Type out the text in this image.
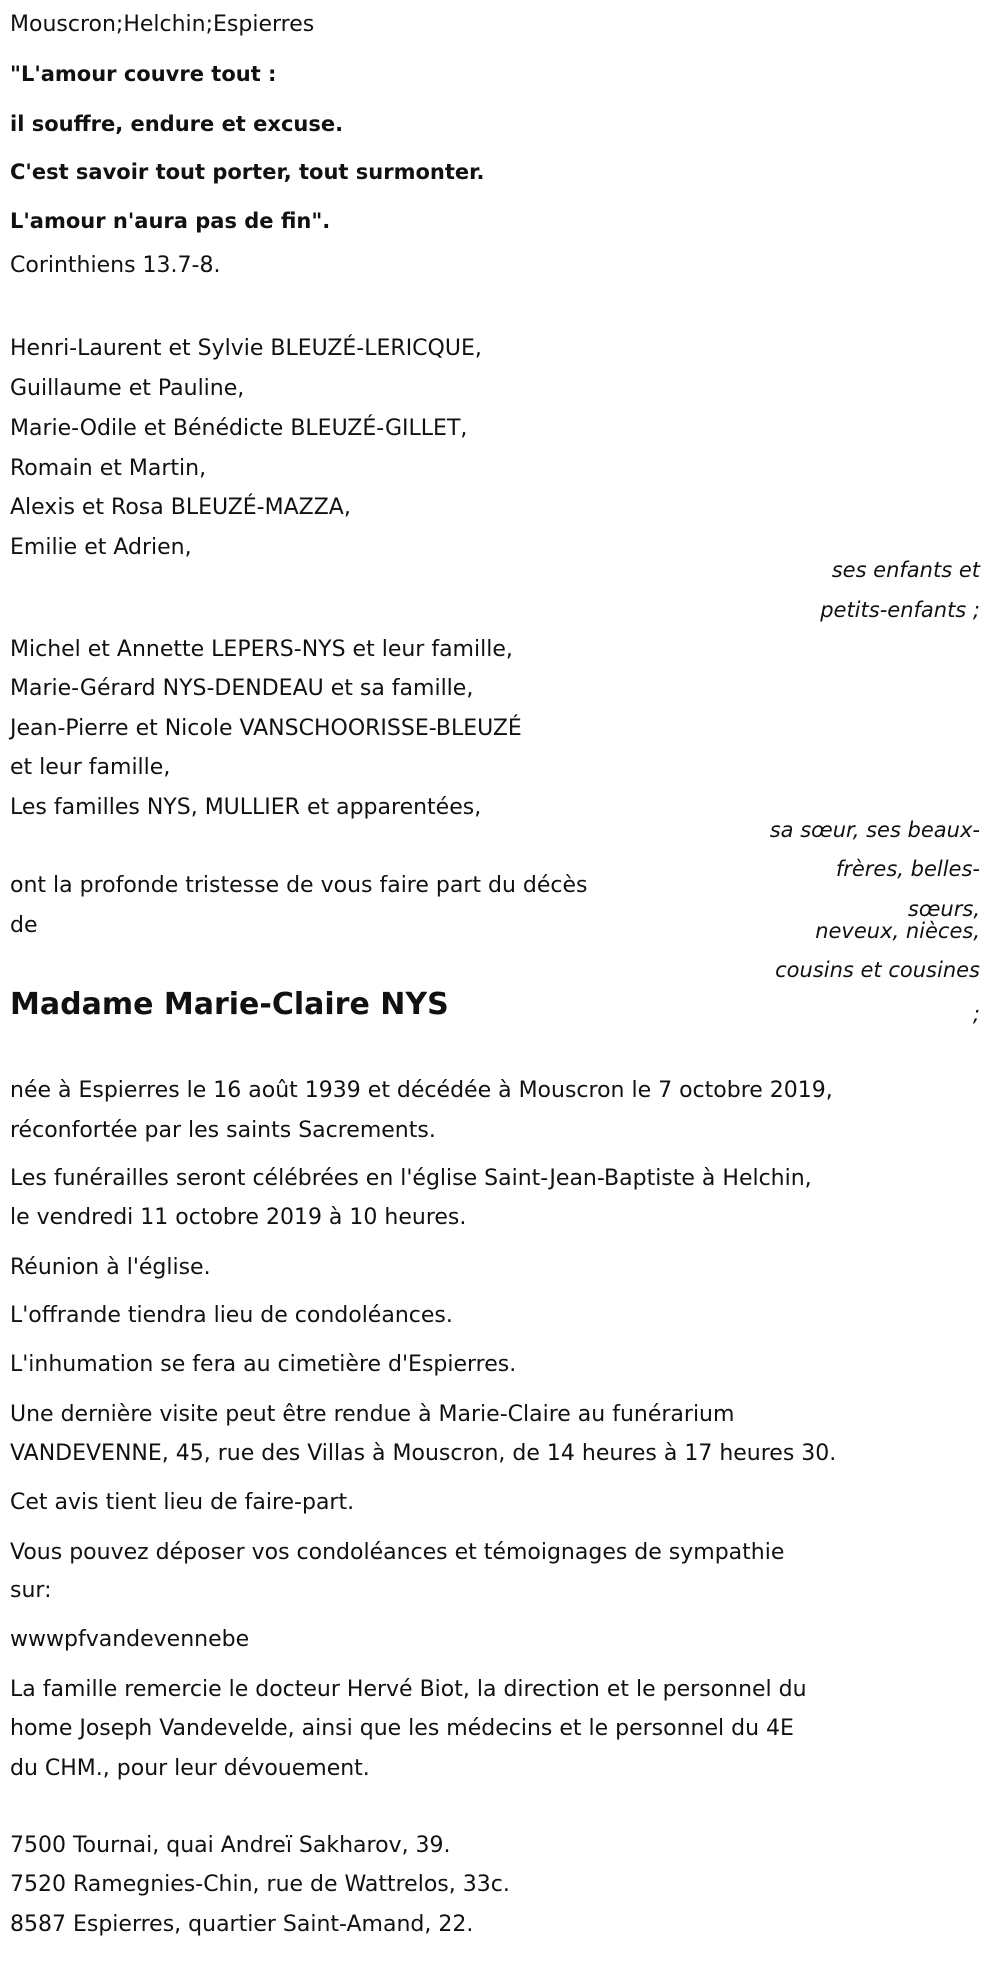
Mouscron;Helchin;Espierres
"L'amour couvre tout :
il souffre, endure et excuse.
C'est savoir tout porter, tout surmonter.
L'amour n'aura pas de fin".
Corinthiens 13.7-8.
Henri-Laurent et Sylvie BLEUZÉ-LERICQUE,
Guillaume et Pauline,
Marie-Odile et Bénédicte BLEUZÉ-GILLET,
Romain et Martin,
Alexis et Rosa BLEUZÉ-MAZZA,
Emilie et Adrien,
ses enfants et
petits-enfants ;
Michel et Annette LEPERS-NYS et leur famille,
Marie-Gérard NYS-DENDEAU et sa famille,
Jean-Pierre et Nicole VANSCHOORISSE-BLEUZÉ
et leur famille,
Les familles NYS, MULLIER et apparentées,
sa sœur, ses beaux-
frères, belles-
sœurs,
neveux, nièces,
cousins et cousines
;
ont la profonde tristesse de vous faire part du décès
de
Madame Marie-Claire NYS
née à Espierres le 16 août 1939 et décédée à Mouscron le 7 octobre 2019,
réconfortée par les saints Sacrements.
Les funérailles seront célébrées en l'église Saint-Jean-Baptiste à Helchin,
le vendredi 11 octobre 2019 à 10 heures.
Réunion à l'église.
L'offrande tiendra lieu de condoléances.
L'inhumation se fera au cimetière d'Espierres.
Une dernière visite peut être rendue à Marie-Claire au funérarium
VANDEVENNE, 45, rue des Villas à Mouscron, de 14 heures à 17 heures 30.
Cet avis tient lieu de faire-part.
Vous pouvez déposer vos condoléances et témoignages de sympathie
sur:
wwwpfvandevennebe
La famille remercie le docteur Hervé Biot, la direction et le personnel du
home Joseph Vandevelde, ainsi que les médecins et le personnel du 4E
du CHM., pour leur dévouement.
7500 Tournai, quai Andreï Sakharov, 39.
7520 Ramegnies-Chin, rue de Wattrelos, 33c.
8587 Espierres, quartier Saint-Amand, 22.
